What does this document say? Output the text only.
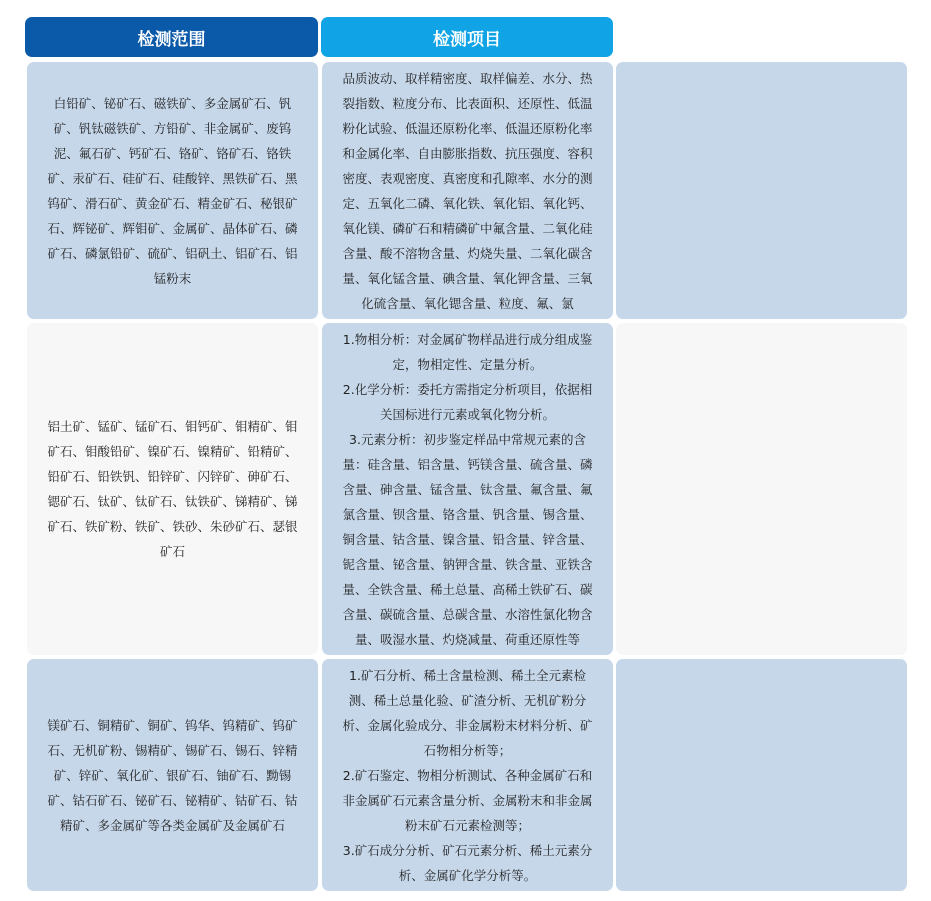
检测范围	检测项目
白铅矿、铋矿石、磁铁矿、多金属矿石、钒
矿、钒钛磁铁矿、方铅矿、非金属矿、废钨
泥、氟石矿、钙矿石、铬矿、铬矿石、铬铁
矿、汞矿石、硅矿石、硅酸锌、黑铁矿石、黑
钨矿、滑石矿、黄金矿石、精金矿石、秘银矿
石、辉铋矿、辉钼矿、金属矿、晶体矿石、磷
矿石、磷氯铅矿、硫矿、铝矾土、铝矿石、铝
锰粉末
品质波动、取样精密度、取样偏差、水分、热
裂指数、粒度分布、比表面积、还原性、低温
粉化试验、低温还原粉化率、低温还原粉化率
和金属化率、自由膨胀指数、抗压强度、容积
密度、表观密度、真密度和孔隙率、水分的测
定、五氧化二磷、氧化铁、氧化铝、氧化钙、
氧化镁、磷矿石和精磷矿中氟含量、二氧化硅
含量、酸不溶物含量、灼烧失量、二氧化碳含
量、氧化锰含量、碘含量、氧化钾含量、三氧
化硫含量、氧化锶含量、粒度、氟、氯
铝土矿、锰矿、锰矿石、钼钙矿、钼精矿、钼
矿石、钼酸铅矿、镍矿石、镍精矿、铅精矿、
铅矿石、铅铁钒、铅锌矿、闪锌矿、砷矿石、
锶矿石、钛矿、钛矿石、钛铁矿、锑精矿、锑
矿石、铁矿粉、铁矿、铁砂、朱砂矿石、瑟银
矿石
1.物相分析：对金属矿物样品进行成分组成鉴
定，物相定性、定量分析。
2.化学分析：委托方需指定分析项目，依据相
关国标进行元素或氧化物分析。
3.元素分析：初步鉴定样品中常规元素的含
量：硅含量、铝含量、钙镁含量、硫含量、磷
含量、砷含量、锰含量、钛含量、氟含量、氟
氯含量、钡含量、铬含量、钒含量、锡含量、
铜含量、钴含量、镍含量、铅含量、锌含量、
铌含量、铋含量、钠钾含量、铁含量、亚铁含
量、全铁含量、稀土总量、高稀土铁矿石、碳
含量、碳硫含量、总碳含量、水溶性氯化物含
量、吸湿水量、灼烧减量、荷重还原性等
镁矿石、铜精矿、铜矿、钨华、钨精矿、钨矿
石、无机矿粉、锡精矿、锡矿石、锡石、锌精
矿、锌矿、氧化矿、银矿石、铀矿石、黝锡
矿、钴石矿石、铋矿石、铋精矿、钴矿石、钴
精矿、多金属矿等各类金属矿及金属矿石
1.矿石分析、稀土含量检测、稀土全元素检
测、稀土总量化验、矿渣分析、无机矿粉分
析、金属化验成分、非金属粉末材料分析、矿
石物相分析等；
2.矿石鉴定、物相分析测试、各种金属矿石和
非金属矿石元素含量分析、金属粉末和非金属
粉末矿石元素检测等；
3.矿石成分分析、矿石元素分析、稀土元素分
析、金属矿化学分析等。
